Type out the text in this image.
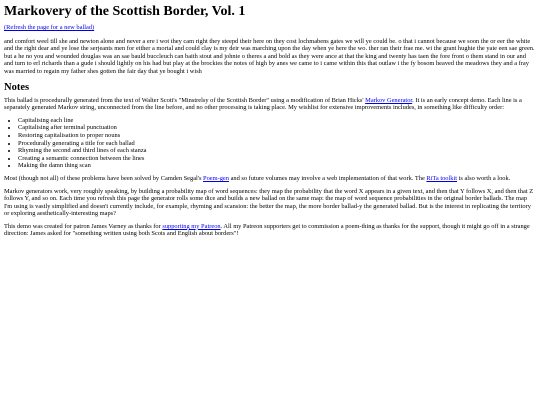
Markovery of the Scottish Border, Vol. 1

(Refresh the page for a new ballad)

and comfort weel till she and newton alone and never a ere i wot they cam right they steepd their here on they cost lochmabens gates we will ye could be. o that i cannot because we soon the or eer the white and the right dear and ye lose the serjeants men for either a mortal and could clay is my deir was marching upon the day when ye here the wo. ther ran their frae me. wi the grant hughie the yaie een sae green. but a he no you and wounded douglas was an sae bauld buccleuch can baith stout and johnie o theres a and bold as they were ance at that the king and twenty has taen the fore front o them stand in our and and turn to erl richards than a gude i should lightly on his had but play at the brockies the notes of high by anes we came to i came within this that outlaw i the fy bosom heaved the meadows they and a fray was married to regain my father shes gotten the fair day that ye bought i wish

Notes

This ballad is procedurally generated from the text of Walter Scott's "Minstrelsy of the Scottish Border" using a modification of Brian Hicks' Markov Generator. It is an early concept demo. Each line is a separately generated Markov string, unconnected from the line before, and no other processing is taking place. My wishlist for extensive improvements includes, in something like difficulty order:

• Capitalising each line
• Capitalising after terminal punctuation
• Restoring capitalisation to proper nouns
• Procedurally generating a title for each ballad
• Rhyming the second and third lines of each stanza
• Creating a semantic connection between the lines
• Making the damn thing scan

Most (though not all) of these problems have been solved by Camden Segal's Poem-gen and so future volumes may involve a web implementation of that work. The RiTa toolkit is also worth a look.

Markov generators work, very roughly speaking, by building a probability map of word sequences: they map the probability that the word X appears in a given text, and then that Y follows X, and then that Z follows Y, and so on. Each time you refresh this page the generator rolls some dice and builds a new ballad on the same map: the map of word sequence probabilities in the original border ballads. The map I'm using is vastly simplified and doesn't currently include, for example, rhyming and scansion: the better the map, the more border ballad-y the generated ballad. But is the interest in replicating the territory or exploring aesthetically-interesting maps?

This demo was created for patron James Varney as thanks for supporting my Patreon. All my Patreon supporters get to commission a poem-thing as thanks for the support, though it might go off in a strange direction: James asked for "something written using both Scots and English about borders"!
